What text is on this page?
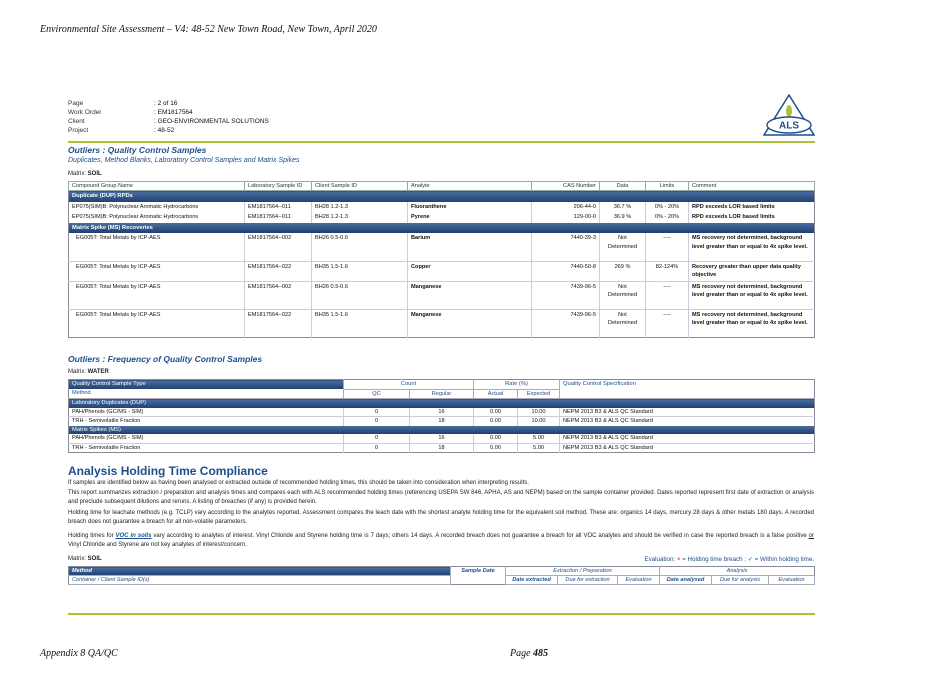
Environmental Site Assessment – V4: 48-52 New Town Road, New Town, April 2020
Appendix 8 QA/QC	Page 485
Page	: 2 of 16
Work Order	: EM1817564
Client	: GEO-ENVIRONMENTAL SOLUTIONS
Project	: 48-52	ALS
Outliers : Quality Control Samples
Duplicates, Method Blanks, Laboratory Control Samples and Matrix Spikes
Matrix: SOIL
Compound Group Name	Laboratory Sample ID	Client Sample ID	Analyte	CAS Number	Data	Limits	Comment
Duplicate (DUP) RPDs							
EP075(SIM)B: Polynuclear Aromatic Hydrocarbons	EM1817564--011	BH28 1.2-1.3	Fluoranthene	206-44-0	36.7 %	0% - 20%	RPD exceeds LOR based limits
EP075(SIM)B: Polynuclear Aromatic Hydrocarbons	EM1817564--011	BH28 1.2-1.3	Pyrene	129-00-0	36.9 %	0% - 20%	RPD exceeds LOR based limits
Matrix Spike (MS) Recoveries							
EG005T: Total Metals by ICP-AES	EM1817564--002	BH26 0.5-0.6	Barium	7440-39-3	Not Determined	----	MS recovery not determined, background level greater than or equal to 4x spike level.
EG005T: Total Metals by ICP-AES	EM1817564--022	BH35 1.5-1.6	Copper	7440-50-8	269 %	82-124%	Recovery greater than upper data quality objective
EG005T: Total Metals by ICP-AES	EM1817564--002	BH26 0.5-0.6	Manganese	7439-96-5	Not Determined	----	MS recovery not determined, background level greater than or equal to 4x spike level.
EG005T: Total Metals by ICP-AES	EM1817564--022	BH35 1.5-1.6	Manganese	7439-96-5	Not Determined	----	MS recovery not determined, background level greater than or equal to 4x spike level.
Outliers : Frequency of Quality Control Samples
Matrix: WATER
Quality Control Sample Type	Count		Rate (%)		Quality Control Specification
Method	QC	Regular	Actual	Expected	
Laboratory Duplicates (DUP)					
PAH/Phenols (GC/MS - SIM)	0	16	0.00	10.00	NEPM 2013 B3 & ALS QC Standard
TRH - Semivolatile Fraction	0	18	0.00	10.00	NEPM 2013 B3 & ALS QC Standard
Matrix Spikes (MS)					
PAH/Phenols (GC/MS - SIM)	0	16	0.00	5.00	NEPM 2013 B3 & ALS QC Standard
TRH - Semivolatile Fraction	0	18	0.00	5.00	NEPM 2013 B3 & ALS QC Standard
Analysis Holding Time Compliance
If samples are identified below as having been analysed or extracted outside of recommended holding times, this should be taken into consideration when interpreting results.
This report summarizes extraction / preparation and analysis times and compares each with ALS recommended holding times (referencing USEPA SW 846, APHA, AS and NEPM) based on the sample container provided. Dates reported represent first date of extraction or analysis and preclude subsequent dilutions and reruns. A listing of breaches (if any) is provided herein.
Holding time for leachate methods (e.g. TCLP) vary according to the analytes reported. Assessment compares the leach date with the shortest analyte holding time for the equivalent soil method. These are: organics 14 days, mercury 28 days & other metals 180 days. A recorded breach does not guarantee a breach for all non-volatile parameters.
Holding times for VOC in soils vary according to analytes of interest. Vinyl Chloride and Styrene holding time is 7 days; others 14 days. A recorded breach does not guarantee a breach for all VOC analytes and should be verified in case the reported breach is a false positive or Vinyl Chloride and Styrene are not key analytes of interest/concern.
Matrix: SOIL	Evaluation: × = Holding time breach ; ✓ = Within holding time.
Method	Sample Date	Extraction / Preparation			Analysis		
Container / Client Sample ID(s)		Date extracted	Due for extraction	Evaluation	Date analysed	Due for analysis	Evaluation
